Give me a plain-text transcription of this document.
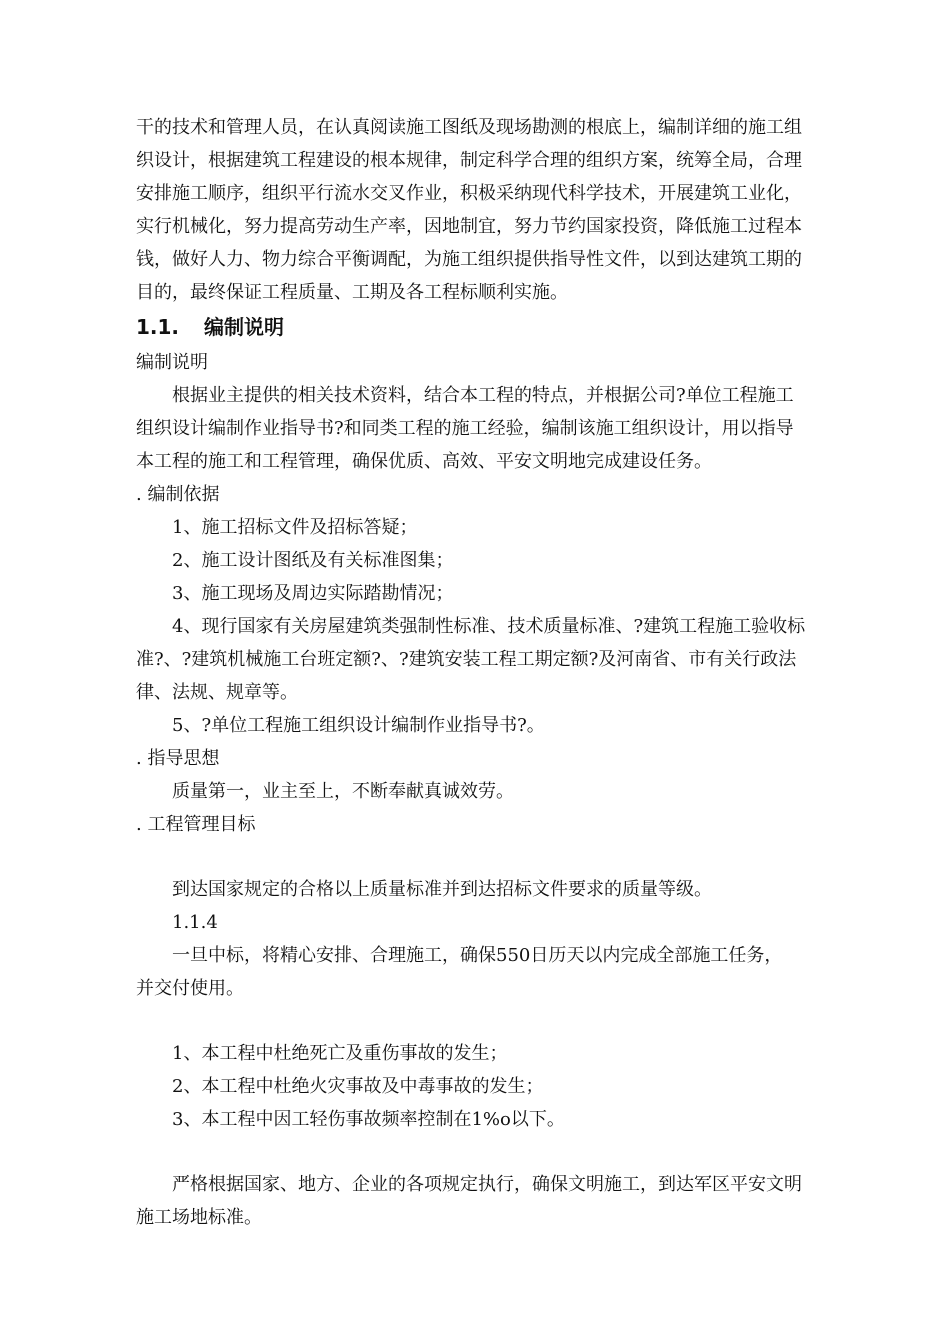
干的技术和管理人员，在认真阅读施工图纸及现场勘测的根底上，编制详细的施工组
织设计，根据建筑工程建设的根本规律，制定科学合理的组织方案，统筹全局，合理
安排施工顺序，组织平行流水交叉作业，积极采纳现代科学技术，开展建筑工业化，
实行机械化，努力提高劳动生产率，因地制宜，努力节约国家投资，降低施工过程本
钱，做好人力、物力综合平衡调配，为施工组织提供指导性文件，以到达建筑工期的
目的，最终保证工程质量、工期及各工程标顺利实施。
1.1. 编制说明
编制说明
根据业主提供的相关技术资料，结合本工程的特点，并根据公司?单位工程施工
组织设计编制作业指导书?和同类工程的施工经验，编制该施工组织设计，用以指导
本工程的施工和工程管理，确保优质、高效、平安文明地完成建设任务。
. 编制依据
1、施工招标文件及招标答疑；
2、施工设计图纸及有关标准图集；
3、施工现场及周边实际踏勘情况；
4、现行国家有关房屋建筑类强制性标准、技术质量标准、?建筑工程施工验收标
准?、?建筑机械施工台班定额?、?建筑安装工程工期定额?及河南省、市有关行政法
律、法规、规章等。
5、?单位工程施工组织设计编制作业指导书?。
. 指导思想
质量第一，业主至上，不断奉献真诚效劳。
. 工程管理目标
到达国家规定的合格以上质量标准并到达招标文件要求的质量等级。
1.1.4
一旦中标，将精心安排、合理施工，确保550日历天以内完成全部施工任务，
并交付使用。
1、本工程中杜绝死亡及重伤事故的发生；
2、本工程中杜绝火灾事故及中毒事故的发生；
3、本工程中因工轻伤事故频率控制在1%o以下。
严格根据国家、地方、企业的各项规定执行，确保文明施工，到达军区平安文明
施工场地标准。
